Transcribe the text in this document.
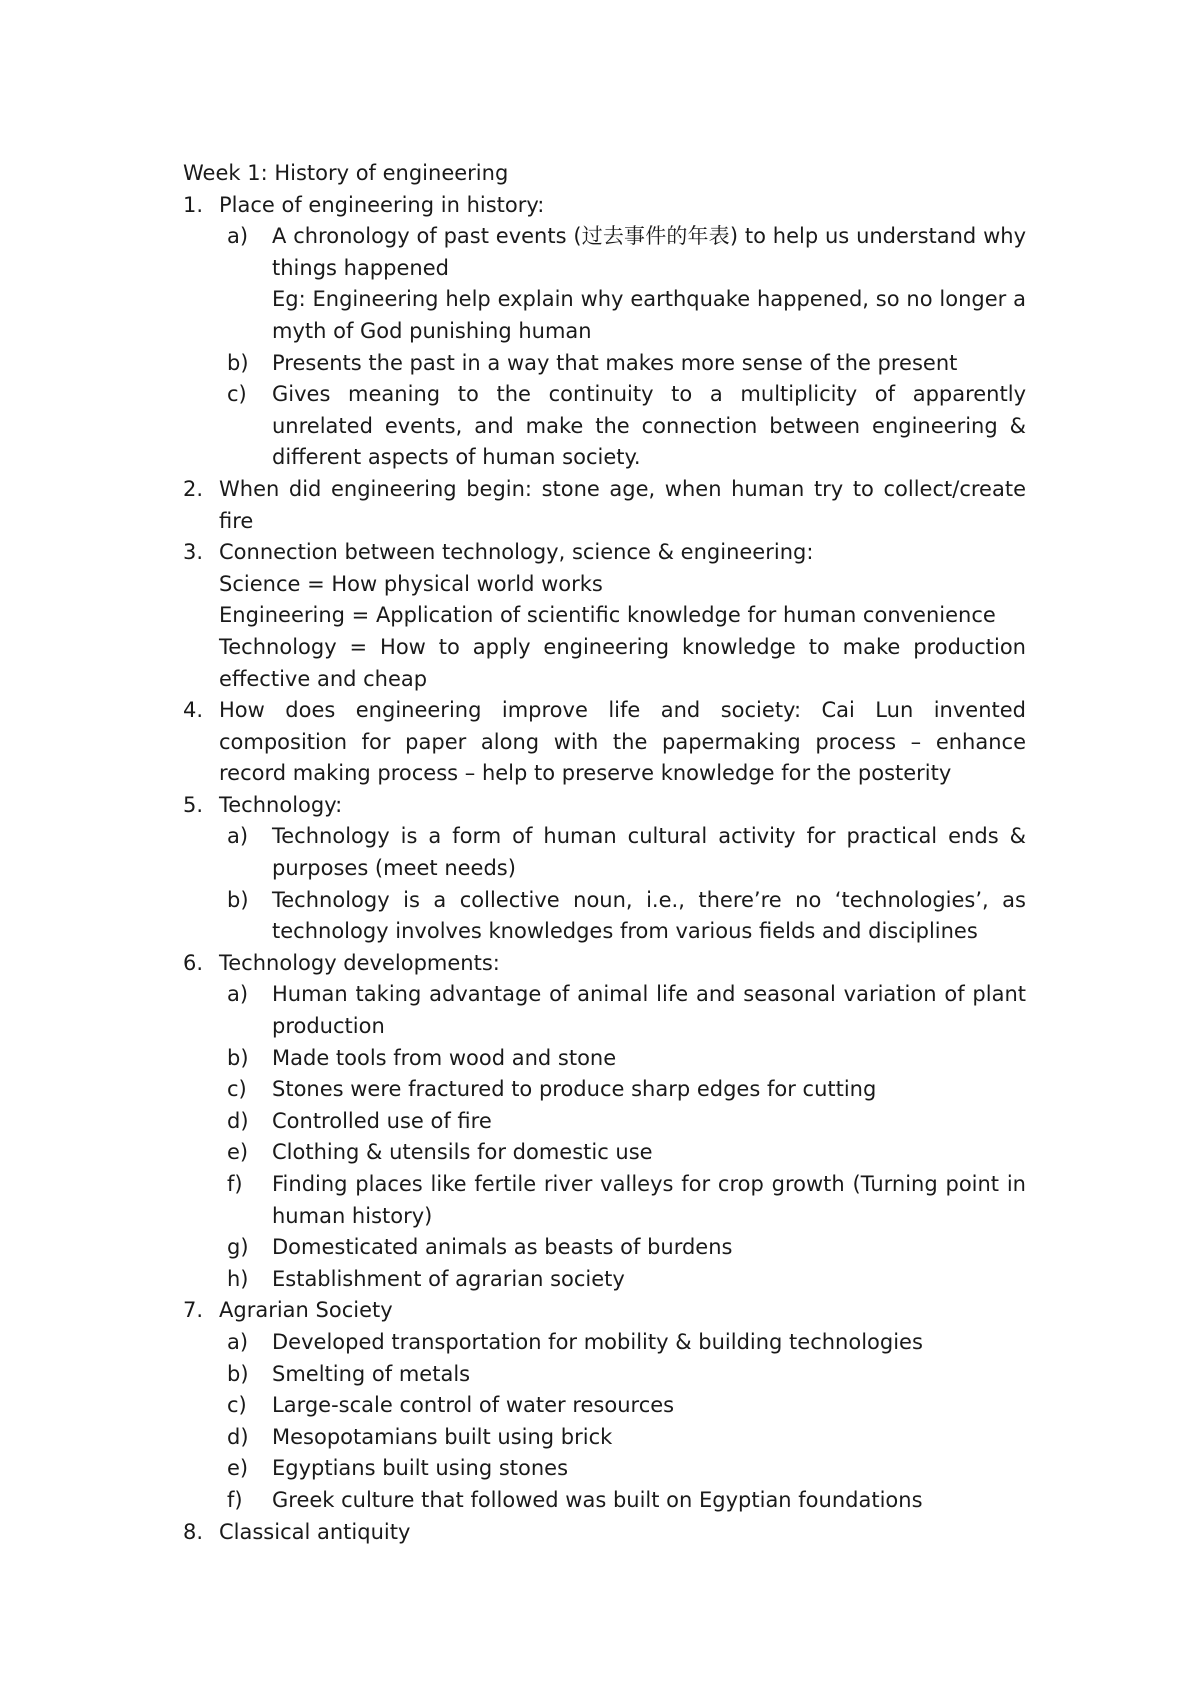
Week 1: History of engineering
1. Place of engineering in history:
a) A chronology of past events (过去事件的年表) to help us understand why things happened
Eg: Engineering help explain why earthquake happened, so no longer a myth of God punishing human
b) Presents the past in a way that makes more sense of the present
c) Gives meaning to the continuity to a multiplicity of apparently unrelated events, and make the connection between engineering & different aspects of human society.
2. When did engineering begin: stone age, when human try to collect/create fire
3. Connection between technology, science & engineering:
Science = How physical world works
Engineering = Application of scientific knowledge for human convenience
Technology = How to apply engineering knowledge to make production effective and cheap
4. How does engineering improve life and society: Cai Lun invented composition for paper along with the papermaking process – enhance record making process – help to preserve knowledge for the posterity
5. Technology:
a) Technology is a form of human cultural activity for practical ends & purposes (meet needs)
b) Technology is a collective noun, i.e., there’re no ‘technologies’, as technology involves knowledges from various fields and disciplines
6. Technology developments:
a) Human taking advantage of animal life and seasonal variation of plant production
b) Made tools from wood and stone
c) Stones were fractured to produce sharp edges for cutting
d) Controlled use of fire
e) Clothing & utensils for domestic use
f) Finding places like fertile river valleys for crop growth (Turning point in human history)
g) Domesticated animals as beasts of burdens
h) Establishment of agrarian society
7. Agrarian Society
a) Developed transportation for mobility & building technologies
b) Smelting of metals
c) Large-scale control of water resources
d) Mesopotamians built using brick
e) Egyptians built using stones
f) Greek culture that followed was built on Egyptian foundations
8. Classical antiquity
